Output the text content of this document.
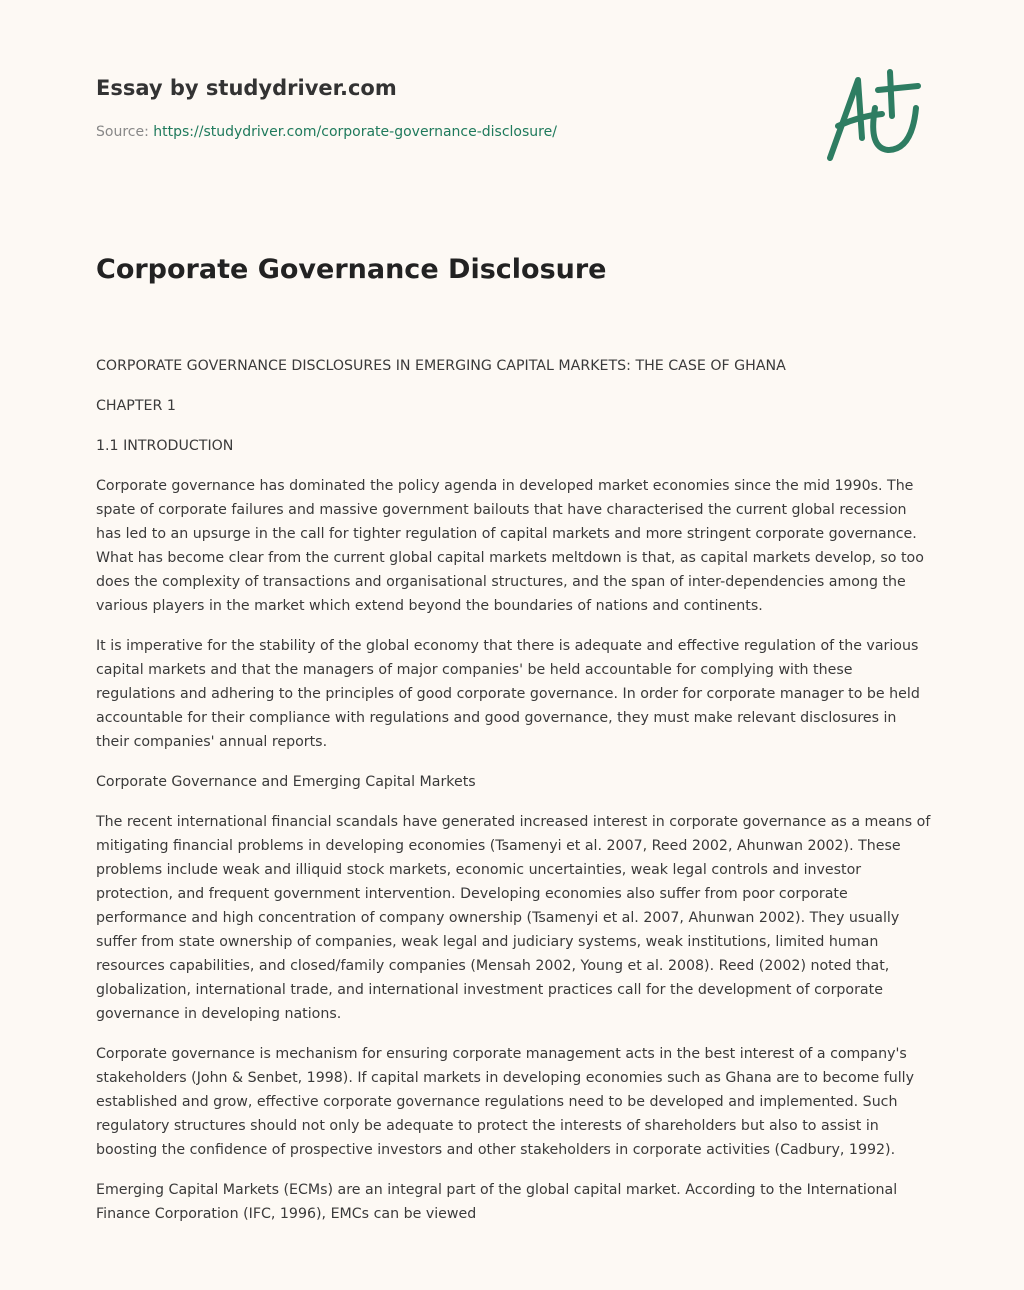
Essay by studydriver.com
Source: https://studydriver.com/corporate-governance-disclosure/
Corporate Governance Disclosure

CORPORATE GOVERNANCE DISCLOSURES IN EMERGING CAPITAL MARKETS: THE CASE OF GHANA

CHAPTER 1

1.1 INTRODUCTION

Corporate governance has dominated the policy agenda in developed market economies since the mid 1990s. The spate of corporate failures and massive government bailouts that have characterised the current global recession has led to an upsurge in the call for tighter regulation of capital markets and more stringent corporate governance. What has become clear from the current global capital markets meltdown is that, as capital markets develop, so too does the complexity of transactions and organisational structures, and the span of inter-dependencies among the various players in the market which extend beyond the boundaries of nations and continents.

It is imperative for the stability of the global economy that there is adequate and effective regulation of the various capital markets and that the managers of major companies' be held accountable for complying with these regulations and adhering to the principles of good corporate governance. In order for corporate manager to be held accountable for their compliance with regulations and good governance, they must make relevant disclosures in their companies' annual reports.

Corporate Governance and Emerging Capital Markets

The recent international financial scandals have generated increased interest in corporate governance as a means of mitigating financial problems in developing economies (Tsamenyi et al. 2007, Reed 2002, Ahunwan 2002). These problems include weak and illiquid stock markets, economic uncertainties, weak legal controls and investor protection, and frequent government intervention. Developing economies also suffer from poor corporate performance and high concentration of company ownership (Tsamenyi et al. 2007, Ahunwan 2002). They usually suffer from state ownership of companies, weak legal and judiciary systems, weak institutions, limited human resources capabilities, and closed/family companies (Mensah 2002, Young et al. 2008). Reed (2002) noted that, globalization, international trade, and international investment practices call for the development of corporate governance in developing nations.

Corporate governance is mechanism for ensuring corporate management acts in the best interest of a company's stakeholders (John & Senbet, 1998). If capital markets in developing economies such as Ghana are to become fully established and grow, effective corporate governance regulations need to be developed and implemented. Such regulatory structures should not only be adequate to protect the interests of shareholders but also to assist in boosting the confidence of prospective investors and other stakeholders in corporate activities (Cadbury, 1992).

Emerging Capital Markets (ECMs) are an integral part of the global capital market. According to the International Finance Corporation (IFC, 1996), EMCs can be viewed
